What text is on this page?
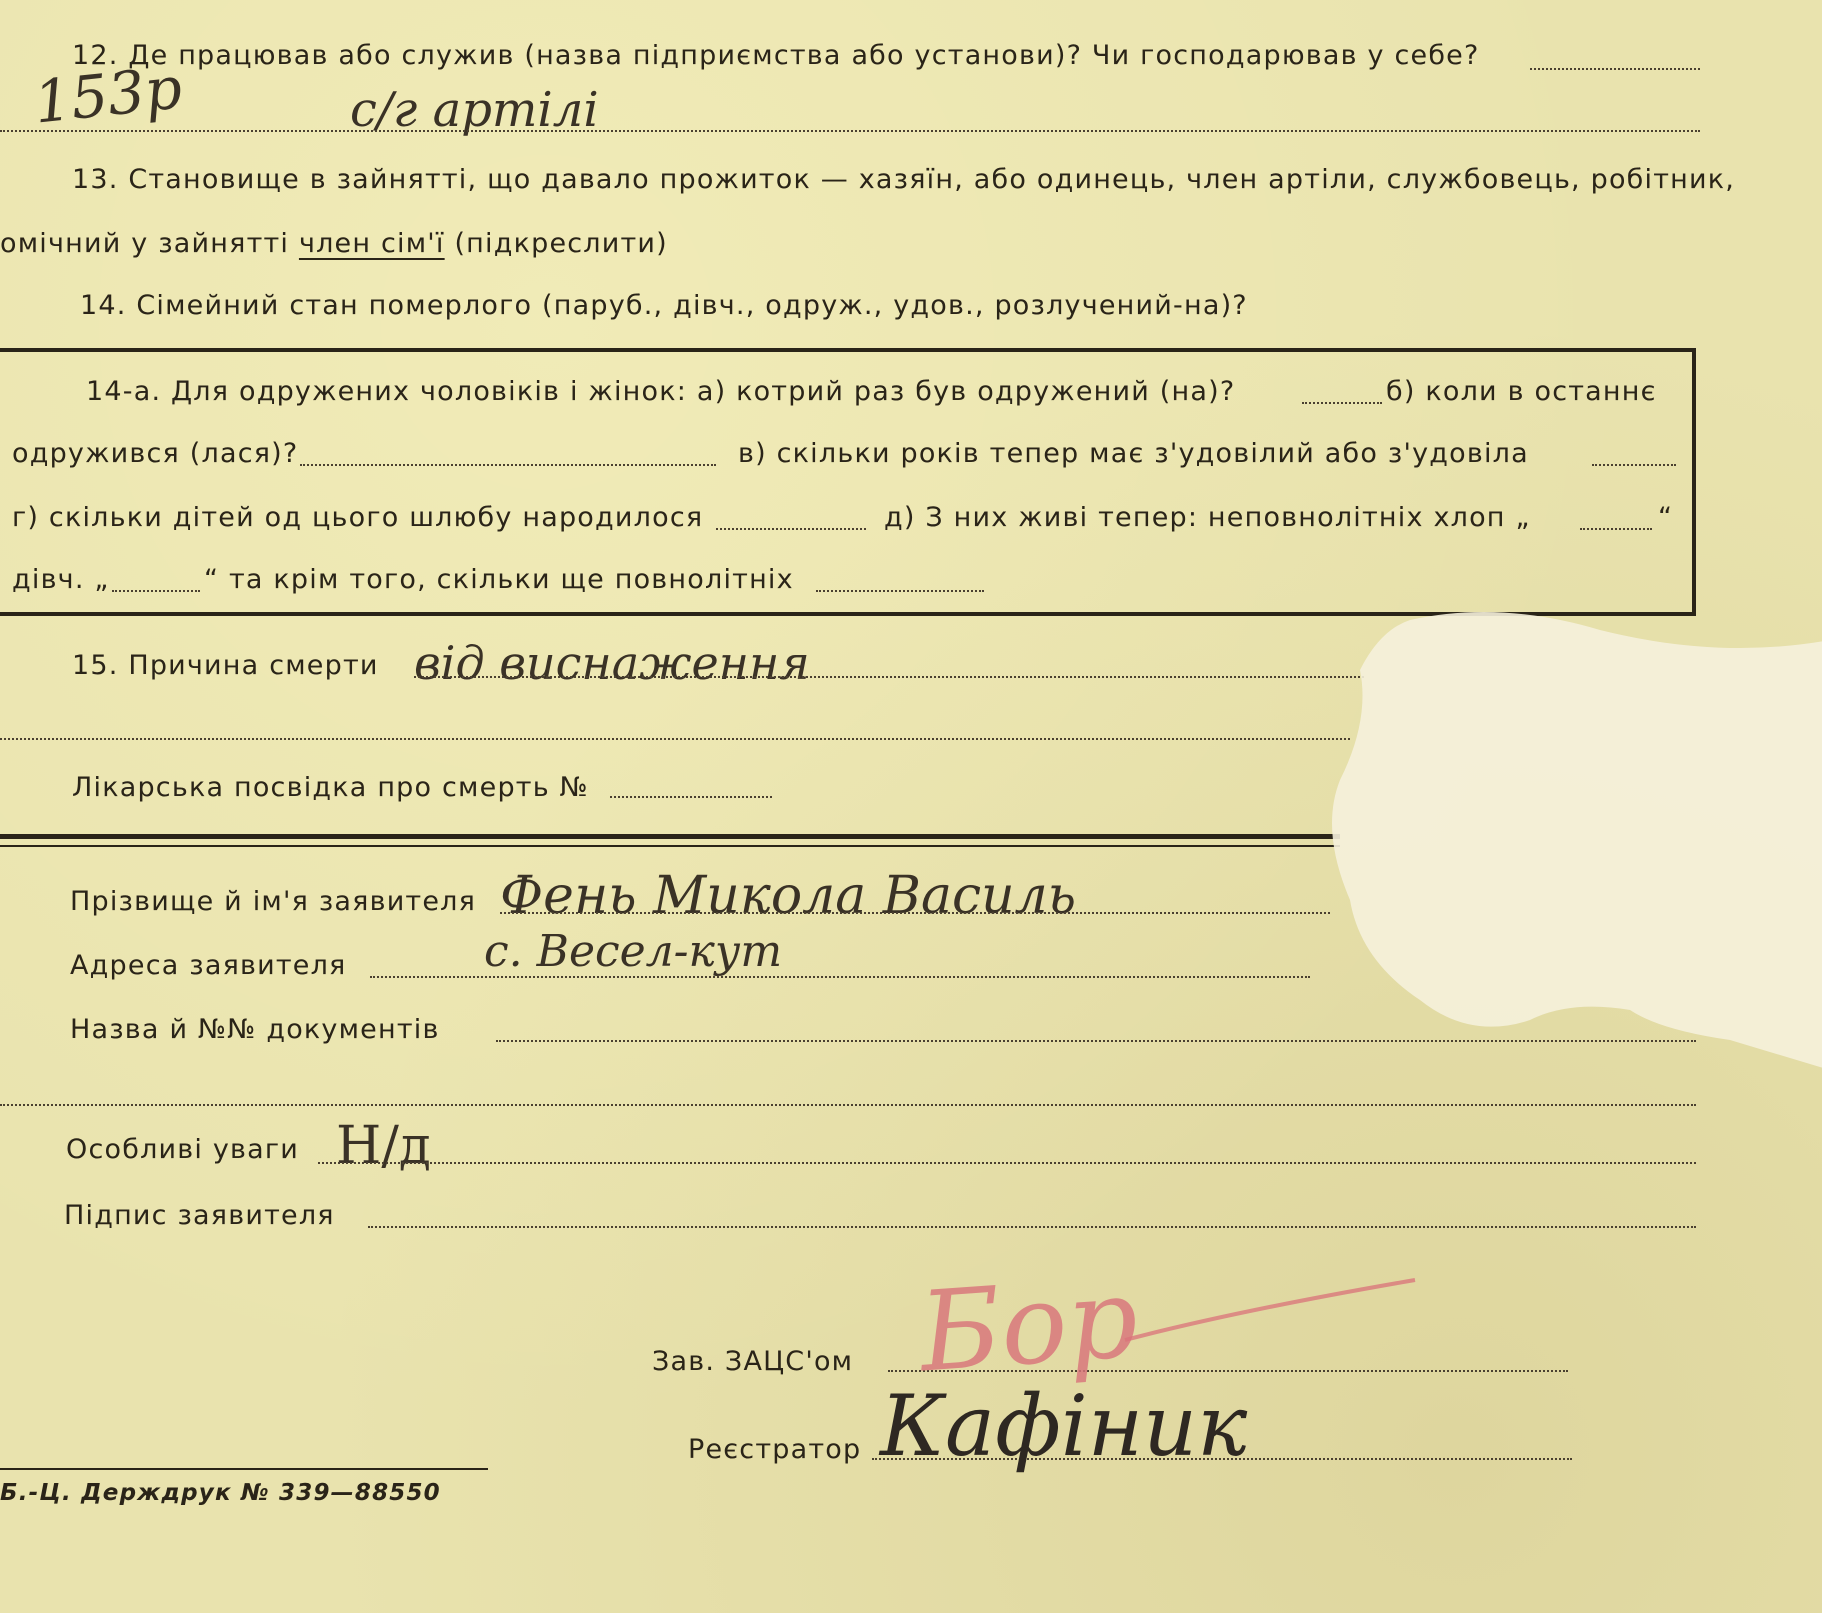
12. Де працював або служив (назва підприємства або установи)? Чи господарював у себе?
153р	с/г артілі
13. Становище в зайнятті, що давало прожиток — хазяїн, або одинець, член артіли, службовець, робітник,
омічний у зайнятті член сім'ї (підкреслити)
14. Сімейний стан померлого (паруб., дівч., одруж., удов., розлучений-на)?
14-а. Для одружених чоловіків і жінок: а) котрий раз був одружений (на)?	б) коли в останнє
одружився (лася)?	в) скільки років тепер має з'удовілий або з'удовіла
г) скільки дітей од цього шлюбу народилося	д) З них живі тепер: неповнолітніх хлоп „	“
дівч. „	“ та крім того, скільки ще повнолітніх
15. Причина смерти від виснаження
Лікарська посвідка про смерть №
Прізвище й ім'я заявителя Фень Микола Василь
Адреса заявителя	с. Весел-кут
Назва й №№ документів
Особливі уваги Н/д
Підпис заявителя
Зав. ЗАЦС'ом
Реєстратор Кафіник
Бор
Б.-Ц. Держдрук № 339—88550
